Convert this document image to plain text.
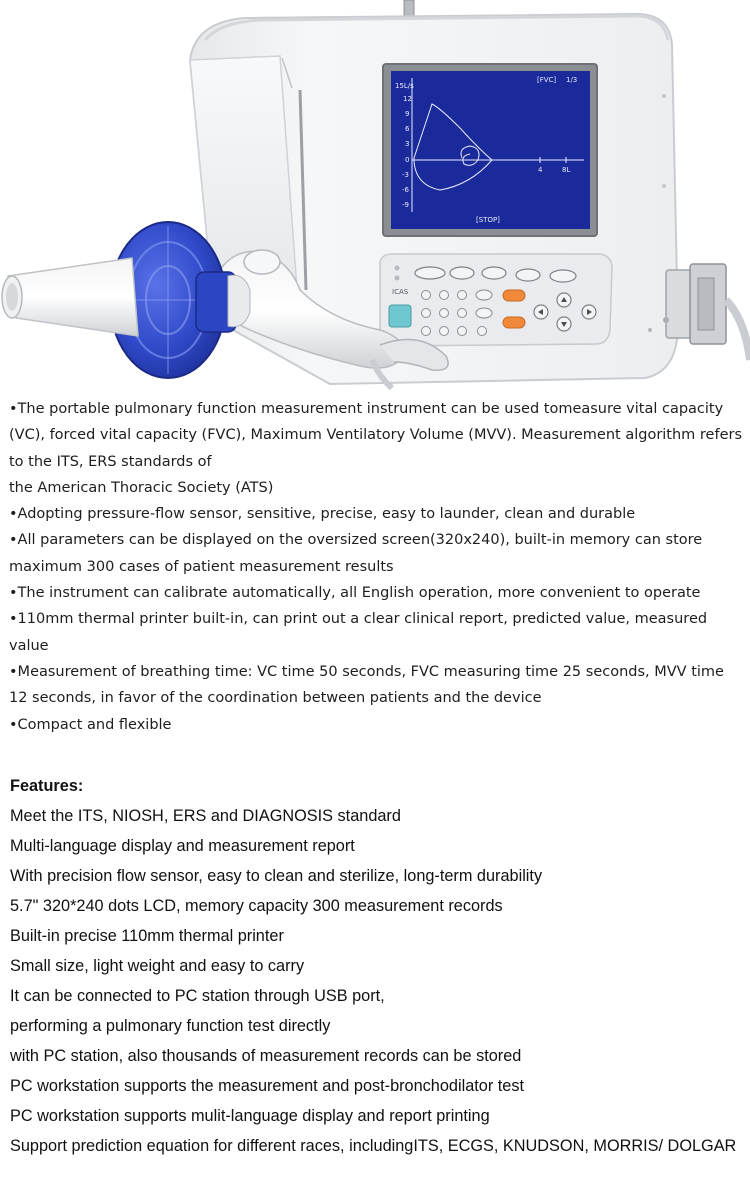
15L/s
[FVC] 1/3
12
9
6
3
0
-3
-6
-9
4	8L
[STOP]
ICAS

•The portable pulmonary function measurement instrument can be used tomeasure vital capacity (VC), forced vital capacity (FVC), Maximum Ventilatory Volume (MVV). Measurement algorithm refers to the ITS, ERS standards of

the American Thoracic Society (ATS)

•Adopting pressure-flow sensor, sensitive, precise, easy to launder, clean and durable

•All parameters can be displayed on the oversized screen(320x240), built-in memory can store maximum 300 cases of patient measurement results

•The instrument can calibrate automatically, all English operation, more convenient to operate

•110mm thermal printer built-in, can print out a clear clinical report, predicted value, measured value

•Measurement of breathing time: VC time 50 seconds, FVC measuring time 25 seconds, MVV time 12 seconds, in favor of the coordination between patients and the device

•Compact and flexible

Features:

Meet the ITS, NIOSH, ERS and DIAGNOSIS standard

Multi-language display and measurement report

With precision flow sensor, easy to clean and sterilize, long-term durability

5.7" 320*240 dots LCD, memory capacity 300 measurement records

Built-in precise 110mm thermal printer

Small size, light weight and easy to carry

It can be connected to PC station through USB port,

performing a pulmonary function test directly

with PC station, also thousands of measurement records can be stored

PC workstation supports the measurement and post-bronchodilator test

PC workstation supports mulit-language display and report printing

Support prediction equation for different races, includingITS, ECGS, KNUDSON, MORRIS/ DOLGAR
